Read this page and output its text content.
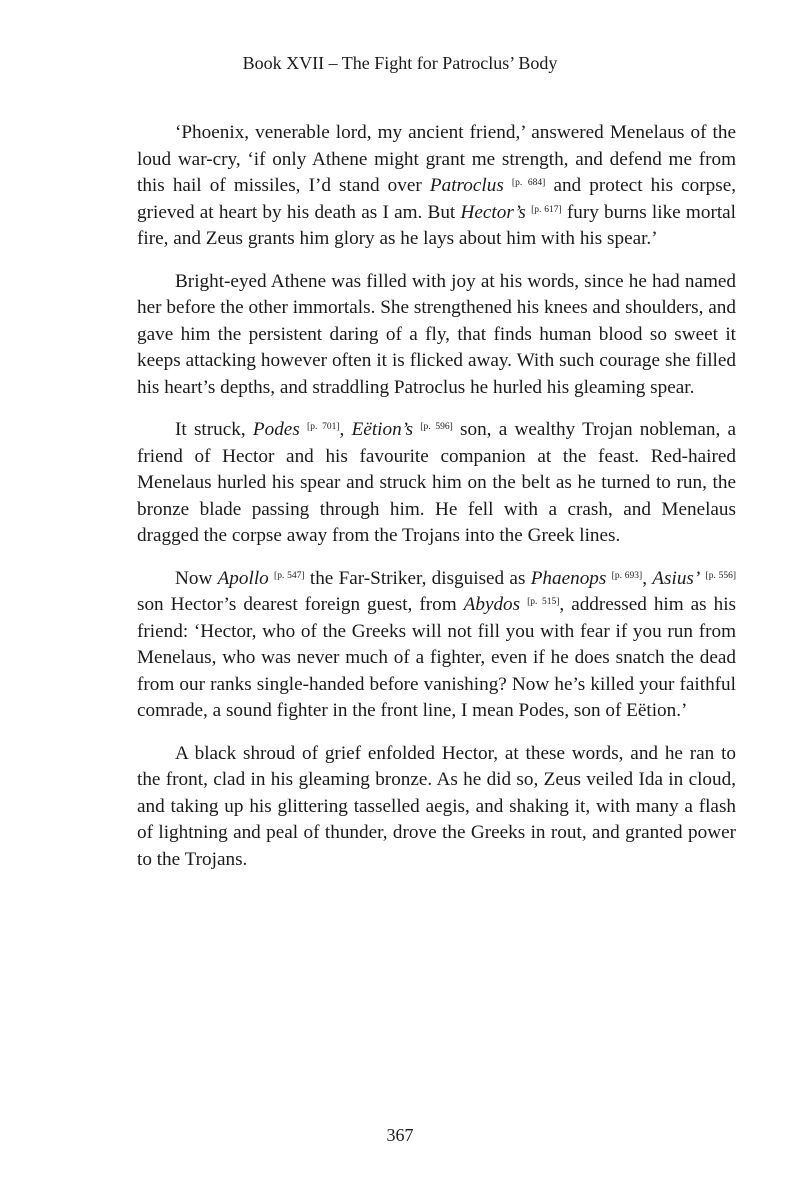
Book XVII – The Fight for Patroclus’ Body

‘Phoenix, venerable lord, my ancient friend,’ answered Menelaus of the loud war-cry, ‘if only Athene might grant me strength, and defend me from this hail of missiles, I’d stand over Patroclus [p. 684] and protect his corpse, grieved at heart by his death as I am. But Hector’s [p. 617] fury burns like mortal fire, and Zeus grants him glory as he lays about him with his spear.’

Bright-eyed Athene was filled with joy at his words, since he had named her before the other immortals. She strengthened his knees and shoulders, and gave him the persistent daring of a fly, that finds human blood so sweet it keeps attacking however often it is flicked away. With such courage she filled his heart’s depths, and straddling Patroclus he hurled his gleaming spear.

It struck, Podes [p. 701], Eëtion’s [p. 596] son, a wealthy Trojan nobleman, a friend of Hector and his favourite companion at the feast. Red-haired Menelaus hurled his spear and struck him on the belt as he turned to run, the bronze blade passing through him. He fell with a crash, and Menelaus dragged the corpse away from the Trojans into the Greek lines.

Now Apollo [p. 547] the Far-Striker, disguised as Phaenops [p. 693], Asius’ [p. 556] son Hector’s dearest foreign guest, from Abydos [p. 515], addressed him as his friend: ‘Hector, who of the Greeks will not fill you with fear if you run from Menelaus, who was never much of a fighter, even if he does snatch the dead from our ranks single-handed before vanishing? Now he’s killed your faithful comrade, a sound fighter in the front line, I mean Podes, son of Eëtion.’

A black shroud of grief enfolded Hector, at these words, and he ran to the front, clad in his gleaming bronze. As he did so, Zeus veiled Ida in cloud, and taking up his glittering tasselled aegis, and shaking it, with many a flash of lightning and peal of thunder, drove the Greeks in rout, and granted power to the Trojans.

367
